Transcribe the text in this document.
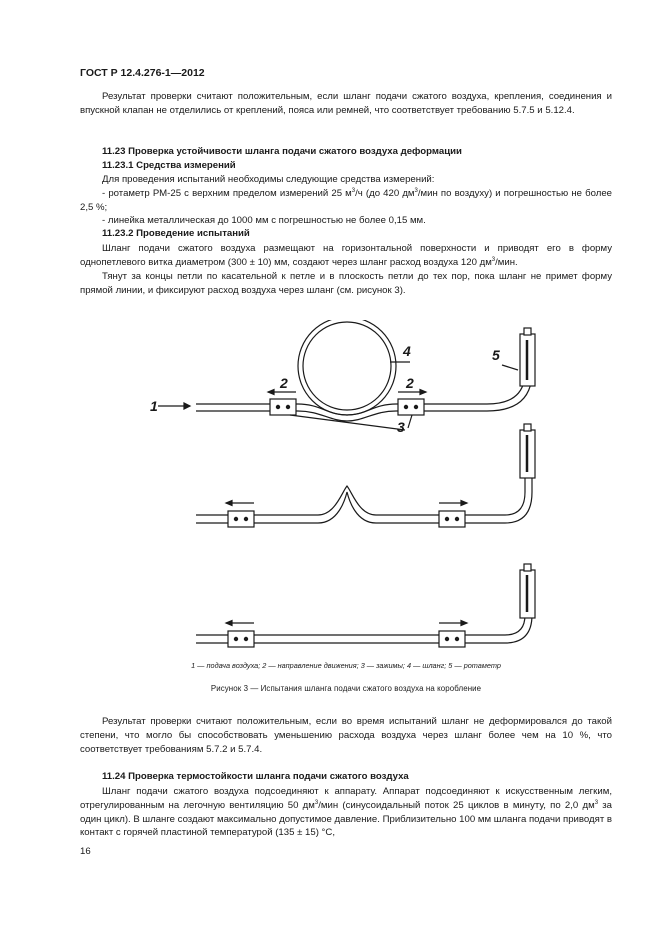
ГОСТ Р 12.4.276-1—2012

Результат проверки считают положительным, если шланг подачи сжатого воздуха, крепления, соединения и впускной клапан не отделились от креплений, пояса или ремней, что соответствует требованию 5.7.5 и 5.12.4.

11.23 Проверка устойчивости шланга подачи сжатого воздуха деформации
11.23.1 Средства измерений

Для проведения испытаний необходимы следующие средства измерений:

- ротаметр РМ-25 с верхним пределом измерений 25 $м^3/ч$ (до 420 $дм^3$/мин по воздуху) и погрешностью не более 2,5 %;

- линейка металлическая до 1000 мм с погрешностью не более 0,15 мм.

11.23.2 Проведение испытаний

Шланг подачи сжатого воздуха размещают на горизонтальной поверхности и приводят его в форму однопетлевого витка диаметром (300 ± 10) мм, создают через шланг расход воздуха 120 $дм^3$/мин.

Тянут за концы петли по касательной к петле и в плоскость петли до тех пор, пока шланг не примет форму прямой линии, и фиксируют расход воздуха через шланг (см. рисунок 3).

1
2	2
3
4	5
1 — подача воздуха; 2 — направление движения; 3 — зажимы; 4 — шланг; 5 — ротаметр
Рисунок 3 — Испытания шланга подачи сжатого воздуха на коробление

Результат проверки считают положительным, если во время испытаний шланг не деформировался до такой степени, что могло бы способствовать уменьшению расхода воздуха через шланг более чем на 10 %, что соответствует требованиям 5.7.2 и 5.7.4.

11.24 Проверка термостойкости шланга подачи сжатого воздуха

Шланг подачи сжатого воздуха подсоединяют к аппарату. Аппарат подсоединяют к искусственным легким, отрегулированным на легочную вентиляцию 50 $дм^3$/мин (синусоидальный поток 25 циклов в минуту, по 2,0 $дм^3$ за один цикл). В шланге создают максимально допустимое давление. Приблизительно 100 мм шланга подачи приводят в контакт с горячей пластиной температурой (135 ± 15) °С,

16
